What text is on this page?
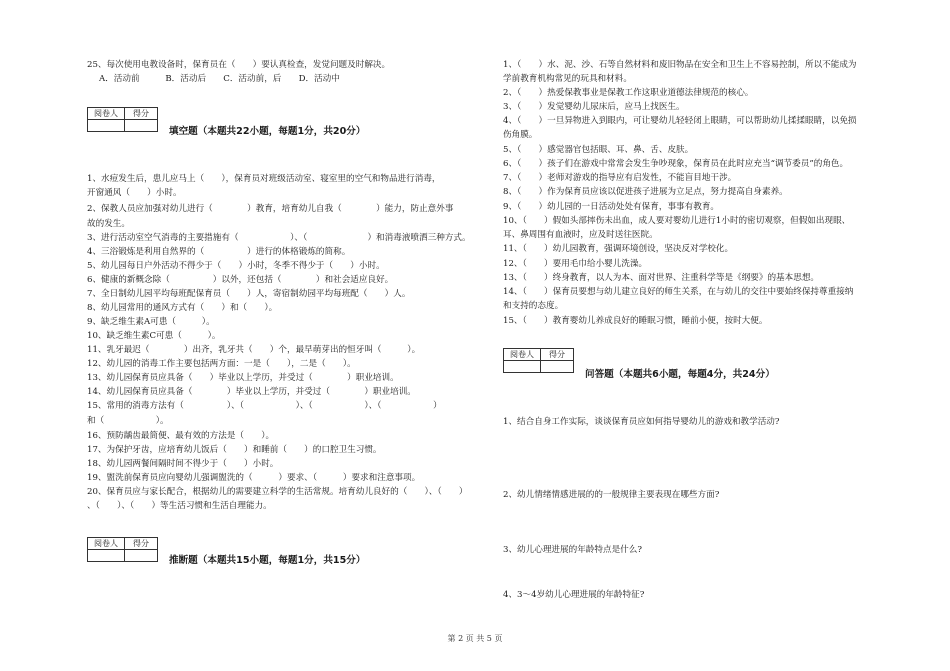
25、每次使用电教设备时，保育员在（　　）要认真检查，发觉问题及时解决。
A．活动前　　　B．活动后　　C．活动前，后　　D．活动中
阅卷人	得分

填空题（本题共22小题，每题1分，共20分）
1、水痘发生后，患儿应马上（　　），保育员对班级活动室、寝室里的空气和物品进行消毒，
开窗通风（　　）小时。
2、保教人员应加强对幼儿进行（　　　　）教育，培育幼儿自我（　　　　）能力，防止意外事
故的发生。
3、进行活动室空气消毒的主要措施有（　　　　　　）、（　　　　　　　）和消毒液喷洒三种方式。
4、三浴锻炼是利用自然界的（　　　　　）进行的体格锻炼的简称。
5、幼儿园每日户外活动不得少于（　　）小时，冬季不得少于（　　）小时。
6、健康的新概念除（　　　　　）以外，还包括（　　　　）和社会适应良好。
7、全日制幼儿园平均每班配保育员（　　）人，寄宿制幼园平均每班配（　　）人。
8、幼儿园常用的通风方式有（　　）和（　　）。
9、缺乏维生素A可患（　　　）。
10、缺乏维生素C可患（　　　）。
11、乳牙最迟（　　　　）出齐，乳牙共（　　）个，最早萌芽出的恒牙叫（　　　）。
12、幼儿园的消毒工作主要包括两方面：一是（　　），二是（　　）。
13、幼儿园保育员应具备（　　）毕业以上学历，并受过（　　　　）职业培训。
14、幼儿园保育员应具备（　　　　）毕业以上学历，并受过（　　　　）职业培训。
15、常用的消毒方法有（　　　　　）、（　　　　　　）、（　　　　　　）、（　　　　　　）
和（　　　　　　）。
16、预防龋齿最简便、最有效的方法是（　　）。
17、为保护牙齿，应培育幼儿饭后（　　）和睡前（　　）的口腔卫生习惯。
18、幼儿园两餐间隔时间不得少于（　　）小时。
19、盥洗前保育员应向婴幼儿强调盥洗的（　　　）要求、（　　　）要求和注意事项。
20、保育员应与家长配合，根据幼儿的需要建立科学的生活常规。培育幼儿良好的（　　）、（　　）
、（　　）、（　　）等生活习惯和生活自理能力。
阅卷人	得分

推断题（本题共15小题，每题1分，共15分）
1、（　　）水、泥、沙、石等自然材料和废旧物品在安全和卫生上不容易控制，所以不能成为
学前教育机构常见的玩具和材料。
2、（　　）热爱保教事业是保教工作这职业道德法律规范的核心。
3、（　　）发觉婴幼儿尿床后，应马上找医生。
4、（　　）一旦异物进入到眼内，可让婴幼儿轻轻闭上眼睛，可以帮助幼儿揉揉眼睛，以免损
伤角膜。
5、（　　）感觉器官包括眼、耳、鼻、舌、皮肤。
6、（　　）孩子们在游戏中常常会发生争吵现象，保育员在此时应充当“调节委员”的角色。
7、（　　）老师对游戏的指导应有启发性，不能盲目地干涉。
8、（　　）作为保育员应该以促进孩子进展为立足点，努力提高自身素养。
9、（　　）幼儿园的一日活动处处有保育，事事有教育。
10、（　　）假如头部摔伤未出血，成人要对婴幼儿进行1小时的密切观察，但假如出现眼、
耳、鼻周围有血液时，应及时送往医院。
11、（　　）幼儿园教育，强调环境创设，坚决反对学校化。
12、（　　）要用毛巾给小婴儿洗澡。
13、（　　）终身教育，以人为本、面对世界、注重科学等是《纲要》的基本思想。
14、（　　）保育员要想与幼儿建立良好的师生关系，在与幼儿的交往中要始终保持尊重接纳
和支持的态度。
15、（　　）教育婴幼儿养成良好的睡眠习惯，睡前小便，按时大便。
阅卷人	得分

问答题（本题共6小题，每题4分，共24分）
1、结合自身工作实际，谈谈保育员应如何指导婴幼儿的游戏和教学活动?
2、幼儿情绪情感进展的的一般规律主要表现在哪些方面?
3、幼儿心理进展的年龄特点是什么?
4、3～4岁幼儿心理进展的年龄特征?
第 2 页 共 5 页
